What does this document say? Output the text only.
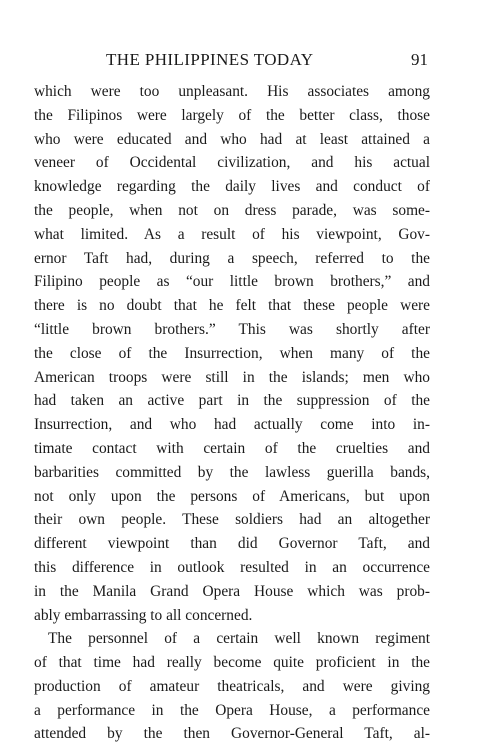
THE PHILIPPINES TODAY	91
which were too unpleasant. His associates among
the Filipinos were largely of the better class, those
who were educated and who had at least attained a
veneer of Occidental civilization, and his actual
knowledge regarding the daily lives and conduct of
the people, when not on dress parade, was some-
what limited. As a result of his viewpoint, Gov-
ernor Taft had, during a speech, referred to the
Filipino people as “our little brown brothers,” and
there is no doubt that he felt that these people were
“little brown brothers.” This was shortly after
the close of the Insurrection, when many of the
American troops were still in the islands; men who
had taken an active part in the suppression of the
Insurrection, and who had actually come into in-
timate contact with certain of the cruelties and
barbarities committed by the lawless guerilla bands,
not only upon the persons of Americans, but upon
their own people. These soldiers had an altogether
different viewpoint than did Governor Taft, and
this difference in outlook resulted in an occurrence
in the Manila Grand Opera House which was prob-
ably embarrassing to all concerned.
The personnel of a certain well known regiment
of that time had really become quite proficient in the
production of amateur theatricals, and were giving
a performance in the Opera House, a performance
attended by the then Governor-General Taft, al-
